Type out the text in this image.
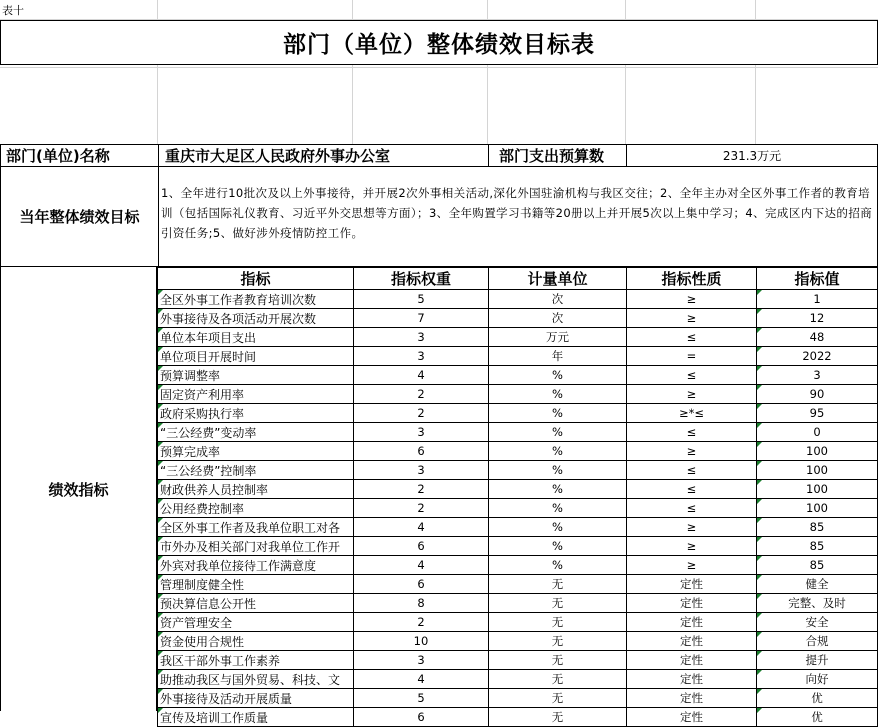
表十
部门（单位）整体绩效目标表
部门(单位)名称	重庆市大足区人民政府外事办公室	部门支出预算数	231.3万元
当年整体绩效目标
1、全年进行10批次及以上外事接待，并开展2次外事相关活动,深化外国驻渝机构与我区交往；2、全年主办对全区外事工作者的教育培训（包括国际礼仪教育、习近平外交思想等方面）；3、全年购置学习书籍等20册以上并开展5次以上集中学习；4、完成区内下达的招商引资任务;5、做好涉外疫情防控工作。
绩效指标
指标	指标权重	计量单位	指标性质	指标值
全区外事工作者教育培训次数	5	次	≥	1
外事接待及各项活动开展次数	7	次	≥	12
单位本年项目支出	3	万元	≤	48
单位项目开展时间	3	年	=	2022
预算调整率	4	%	≤	3
固定资产利用率	2	%	≥	90
政府采购执行率	2	%	≥*≤	95
“三公经费”变动率	3	%	≤	0
预算完成率	6	%	≥	100
“三公经费”控制率	3	%	≤	100
财政供养人员控制率	2	%	≤	100
公用经费控制率	2	%	≤	100
全区外事工作者及我单位职工对各	4	%	≥	85
市外办及相关部门对我单位工作开	6	%	≥	85
外宾对我单位接待工作满意度	4	%	≥	85
管理制度健全性	6	无	定性	健全
预决算信息公开性	8	无	定性	完整、及时
资产管理安全	2	无	定性	安全
资金使用合规性	10	无	定性	合规
我区干部外事工作素养	3	无	定性	提升
助推动我区与国外贸易、科技、文	4	无	定性	向好
外事接待及活动开展质量	5	无	定性	优
宣传及培训工作质量	6	无	定性	优
